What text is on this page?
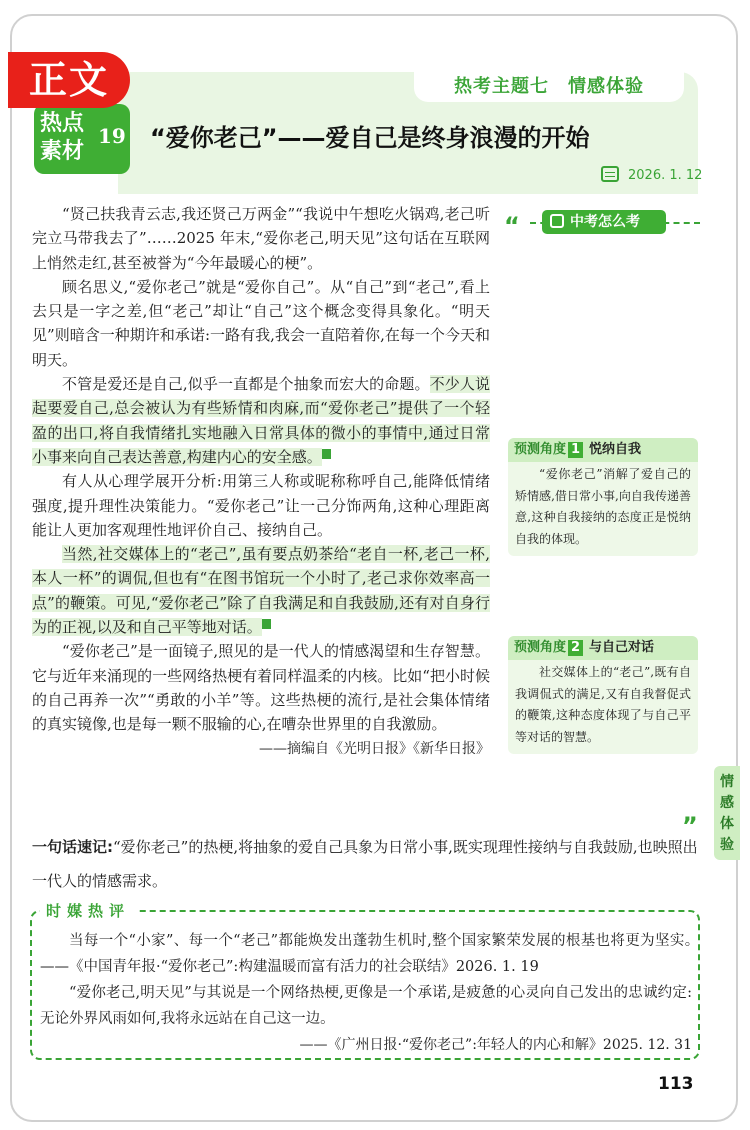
热考主题七　情感体验
正文
热点
素材
19 “爱你老己”——爱自己是终身浪漫的开始
2026. 1. 12

“贤己扶我青云志,我还贤己万两金”“我说中午想吃火锅鸡,老己听完立马带我去了”……2025 年末,“爱你老己,明天见”这句话在互联网上悄然走红,甚至被誉为“今年最暖心的梗”。

顾名思义,“爱你老己”就是“爱你自己”。从“自己”到“老己”,看上去只是一字之差,但“老己”却让“自己”这个概念变得具象化。“明天见”则暗含一种期许和承诺:一路有我,我会一直陪着你,在每一个今天和明天。

不管是爱还是自己,似乎一直都是个抽象而宏大的命题。不少人说起要爱自己,总会被认为有些矫情和肉麻,而“爱你老己”提供了一个轻盈的出口,将自我情绪扎实地融入日常具体的微小的事情中,通过日常小事来向自己表达善意,构建内心的安全感。	1

有人从心理学展开分析:用第三人称或昵称称呼自己,能降低情绪强度,提升理性决策能力。“爱你老己”让一己分饰两角,这种心理距离能让人更加客观理性地评价自己、接纳自己。

当然,社交媒体上的“老己”,虽有要点奶茶给“老自一杯,老己一杯,本人一杯”的调侃,但也有“在图书馆玩一个小时了,老己求你效率高一点”的鞭策。可见,“爱你老己”除了自我满足和自我鼓励,还有对自身行为的正视,以及和自己平等地对话。	2

“爱你老己”是一面镜子,照见的是一代人的情感渴望和生存智慧。它与近年来涌现的一些网络热梗有着同样温柔的内核。比如“把小时候的自己再养一次”“勇敢的小羊”等。这些热梗的流行,是社会集体情绪的真实镜像,也是每一颗不服输的心,在嘈杂世界里的自我激励。

——摘编自《光明日报》《新华日报》
“	中考怎么考
预测角度 1 悦纳自我
“爱你老己”消解了爱自己的矫情感,借日常小事,向自我传递善意,这种自我接纳的态度正是悦纳自我的体现。
预测角度 2 与自己对话
社交媒体上的“老己”,既有自我调侃式的满足,又有自我督促式的鞭策,这种态度体现了与自己平等对话的智慧。
情感体验
”
一句话速记:“爱你老己”的热梗,将抽象的爱自己具象为日常小事,既实现理性接纳与自我鼓励,也映照出一代人的情感需求。
时媒热评

当每一个“小家”、每一个“老己”都能焕发出蓬勃生机时,整个国家繁荣发展的根基也将更为坚实。　——《中国青年报·“爱你老己”:构建温暖而富有活力的社会联结》2026. 1. 19

“爱你老己,明天见”与其说是一个网络热梗,更像是一个承诺,是疲惫的心灵向自己发出的忠诚约定:无论外界风雨如何,我将永远站在自己这一边。

——《广州日报·“爱你老己”:年轻人的内心和解》2025. 12. 31
113
